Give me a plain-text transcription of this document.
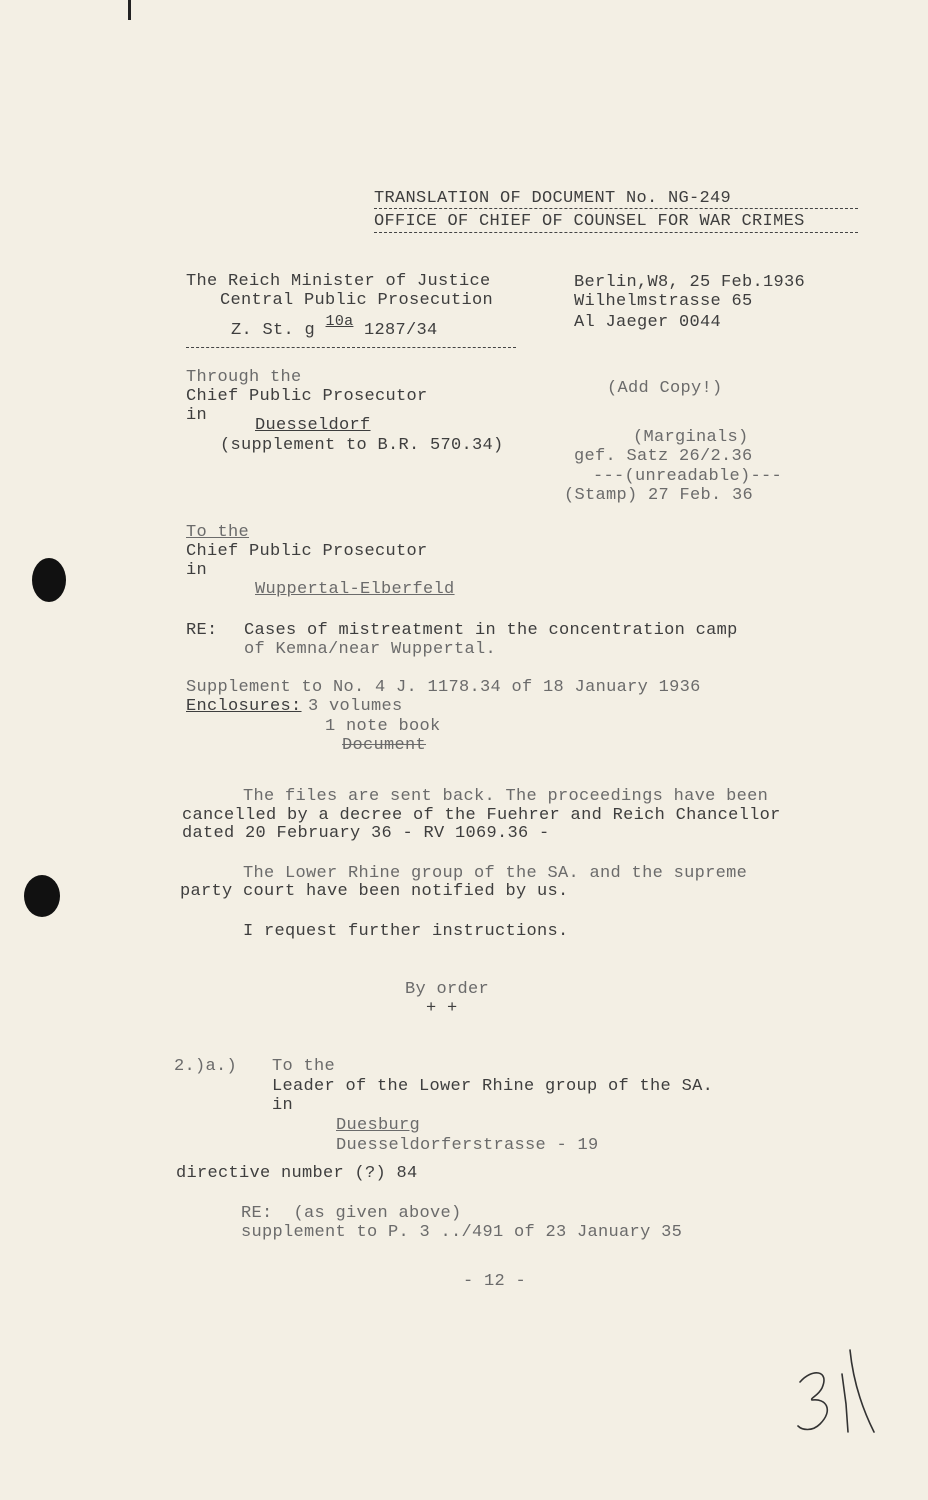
TRANSLATION OF DOCUMENT No. NG-249
OFFICE OF CHIEF OF COUNSEL FOR WAR CRIMES
The Reich Minister of Justice
Central Public Prosecution
Z. St. g 10a 1287/34
Berlin,W8, 25 Feb.1936
Wilhelmstrasse 65
Al Jaeger 0044
Through the
Chief Public Prosecutor
in
Duesseldorf
(supplement to B.R. 570.34)
(Add Copy!)
(Marginals)
gef. Satz 26/2.36
---(unreadable)---
(Stamp) 27 Feb. 36
To the
Chief Public Prosecutor
in
Wuppertal-Elberfeld
RE: Cases of mistreatment in the concentration camp
of Kemna/near Wuppertal.
Supplement to No. 4 J. 1178.34 of 18 January 1936
Enclosures: 3 volumes
1 note book
Document
The files are sent back. The proceedings have been
cancelled by a decree of the Fuehrer and Reich Chancellor
dated 20 February 36 - RV 1069.36 -
The Lower Rhine group of the SA. and the supreme
party court have been notified by us.
I request further instructions.
By order
+ +
2.)a.) To the
Leader of the Lower Rhine group of the SA.
in
Duesburg
Duesseldorferstrasse - 19
directive number (?) 84
RE:  (as given above)
supplement to P. 3 ../491 of 23 January 35
- 12 -
